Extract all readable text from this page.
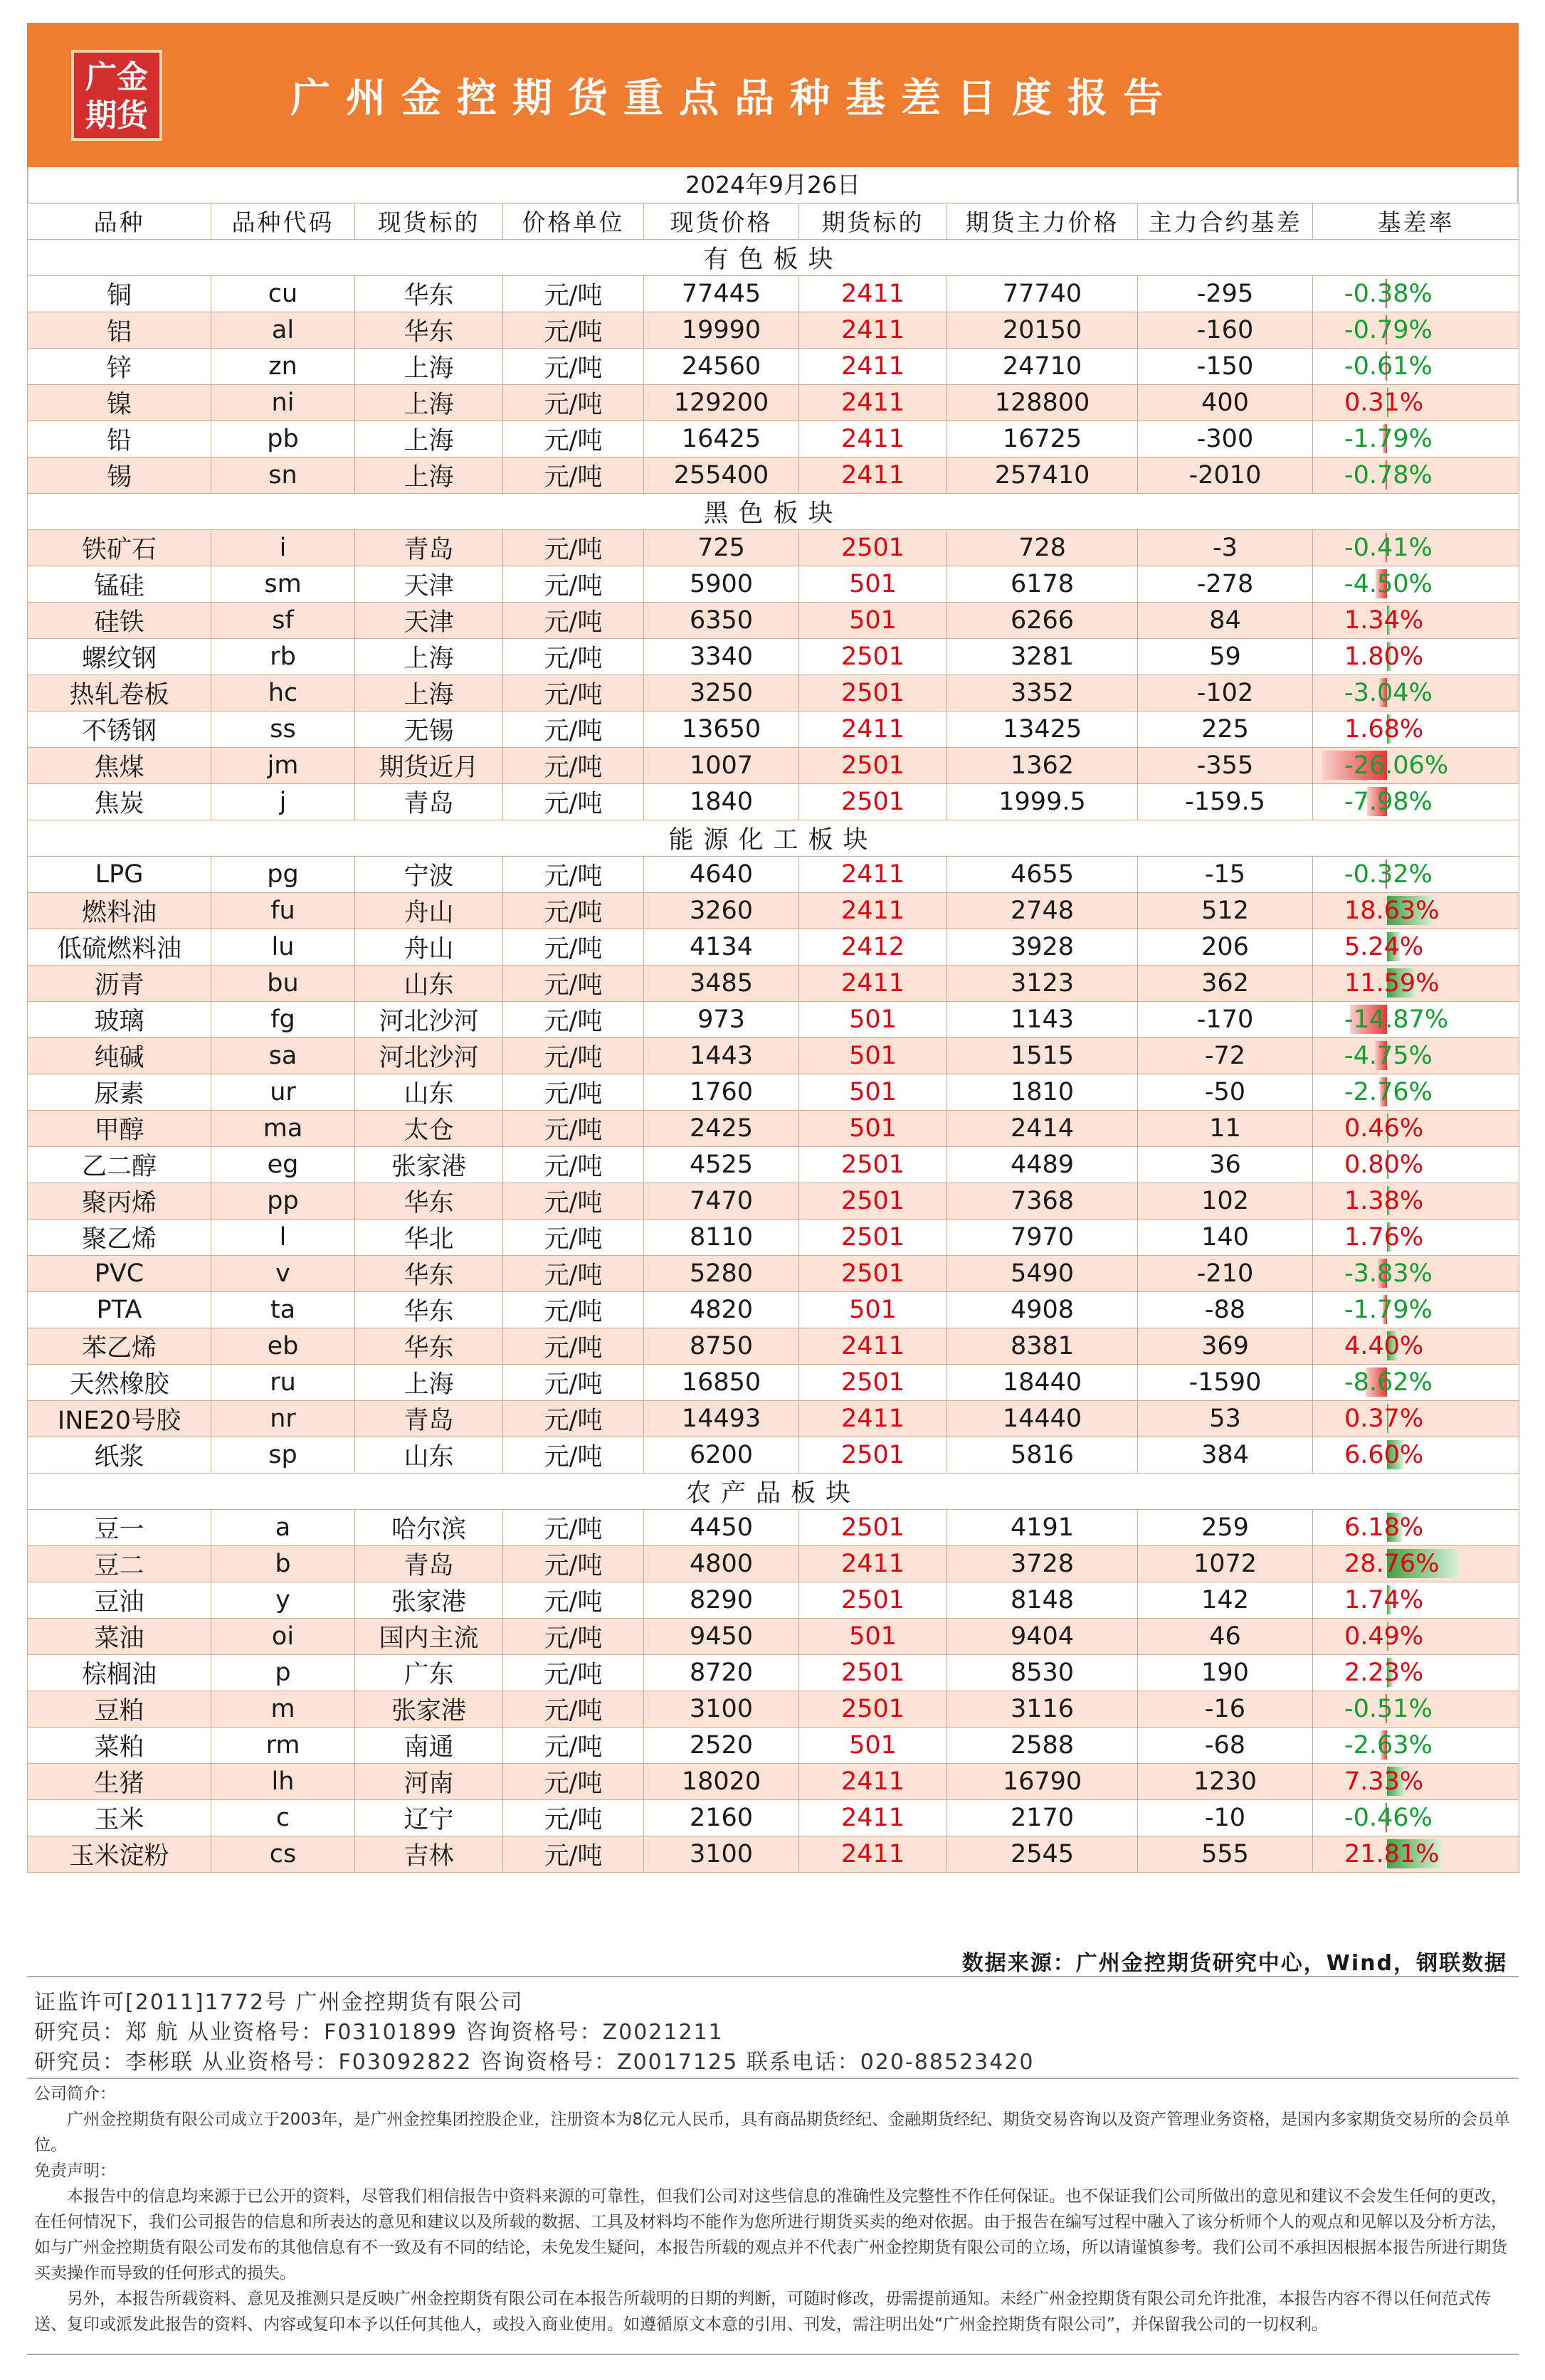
广金
期货	广州金控期货重点品种基差日度报告
2024年9月26日
品种	品种代码	现货标的	价格单位	现货价格	期货标的	期货主力价格	主力合约基差	基差率
有色板块								
铜	cu	华东	元/吨	77445	2411	77740	-295	-0.38%
铝	al	华东	元/吨	19990	2411	20150	-160	-0.79%
锌	zn	上海	元/吨	24560	2411	24710	-150	-0.61%
镍	ni	上海	元/吨	129200	2411	128800	400	0.31%
铅	pb	上海	元/吨	16425	2411	16725	-300	-1.79%
锡	sn	上海	元/吨	255400	2411	257410	-2010	-0.78%
黑色板块								
铁矿石	i	青岛	元/吨	725	2501	728	-3	-0.41%
锰硅	sm	天津	元/吨	5900	501	6178	-278	-4.50%
硅铁	sf	天津	元/吨	6350	501	6266	84	1.34%
螺纹钢	rb	上海	元/吨	3340	2501	3281	59	1.80%
热轧卷板	hc	上海	元/吨	3250	2501	3352	-102	-3.04%
不锈钢	ss	无锡	元/吨	13650	2411	13425	225	1.68%
焦煤	jm	期货近月	元/吨	1007	2501	1362	-355	-26.06%
焦炭	j	青岛	元/吨	1840	2501	1999.5	-159.5	-7.98%
能源化工板块								
LPG	pg	宁波	元/吨	4640	2411	4655	-15	-0.32%
燃料油	fu	舟山	元/吨	3260	2411	2748	512	18.63%
低硫燃料油	lu	舟山	元/吨	4134	2412	3928	206	5.24%
沥青	bu	山东	元/吨	3485	2411	3123	362	11.59%
玻璃	fg	河北沙河	元/吨	973	501	1143	-170	-14.87%
纯碱	sa	河北沙河	元/吨	1443	501	1515	-72	-4.75%
尿素	ur	山东	元/吨	1760	501	1810	-50	-2.76%
甲醇	ma	太仓	元/吨	2425	501	2414	11	0.46%
乙二醇	eg	张家港	元/吨	4525	2501	4489	36	0.80%
聚丙烯	pp	华东	元/吨	7470	2501	7368	102	1.38%
聚乙烯	l	华北	元/吨	8110	2501	7970	140	1.76%
PVC	v	华东	元/吨	5280	2501	5490	-210	-3.83%
PTA	ta	华东	元/吨	4820	501	4908	-88	-1.79%
苯乙烯	eb	华东	元/吨	8750	2411	8381	369	4.40%
天然橡胶	ru	上海	元/吨	16850	2501	18440	-1590	-8.62%
INE20号胶	nr	青岛	元/吨	14493	2411	14440	53	0.37%
纸浆	sp	山东	元/吨	6200	2501	5816	384	6.60%
农产品板块								
豆一	a	哈尔滨	元/吨	4450	2501	4191	259	6.18%
豆二	b	青岛	元/吨	4800	2411	3728	1072	28.76%
豆油	y	张家港	元/吨	8290	2501	8148	142	1.74%
菜油	oi	国内主流	元/吨	9450	501	9404	46	0.49%
棕榈油	p	广东	元/吨	8720	2501	8530	190	2.23%
豆粕	m	张家港	元/吨	3100	2501	3116	-16	-0.51%
菜粕	rm	南通	元/吨	2520	501	2588	-68	-2.63%
生猪	lh	河南	元/吨	18020	2411	16790	1230	7.33%
玉米	c	辽宁	元/吨	2160	2411	2170	-10	-0.46%
玉米淀粉	cs	吉林	元/吨	3100	2411	2545	555	21.81%
数据来源：广州金控期货研究中心，Wind，钢联数据
证监许可[2011]1772号 广州金控期货有限公司
研究员：郑 航 从业资格号：F03101899 咨询资格号：Z0021211
研究员：李彬联 从业资格号：F03092822 咨询资格号：Z0017125 联系电话：020-88523420

公司简介：

广州金控期货有限公司成立于2003年，是广州金控集团控股企业，注册资本为8亿元人民币，具有商品期货经纪、金融期货经纪、期货交易咨询以及资产管理业务资格，是国内多家期货交易所的会员单位。

免责声明：

本报告中的信息均来源于已公开的资料，尽管我们相信报告中资料来源的可靠性，但我们公司对这些信息的准确性及完整性不作任何保证。也不保证我们公司所做出的意见和建议不会发生任何的更改，在任何情况下，我们公司报告的信息和所表达的意见和建议以及所载的数据、工具及材料均不能作为您所进行期货买卖的绝对依据。由于报告在编写过程中融入了该分析师个人的观点和见解以及分析方法，如与广州金控期货有限公司发布的其他信息有不一致及有不同的结论，未免发生疑问，本报告所载的观点并不代表广州金控期货有限公司的立场，所以请谨慎参考。我们公司不承担因根据本报告所进行期货买卖操作而导致的任何形式的损失。

另外，本报告所载资料、意见及推测只是反映广州金控期货有限公司在本报告所载明的日期的判断，可随时修改，毋需提前通知。未经广州金控期货有限公司允许批准，本报告内容不得以任何范式传送、复印或派发此报告的资料、内容或复印本予以任何其他人，或投入商业使用。如遵循原文本意的引用、刊发，需注明出处“广州金控期货有限公司”，并保留我公司的一切权利。
